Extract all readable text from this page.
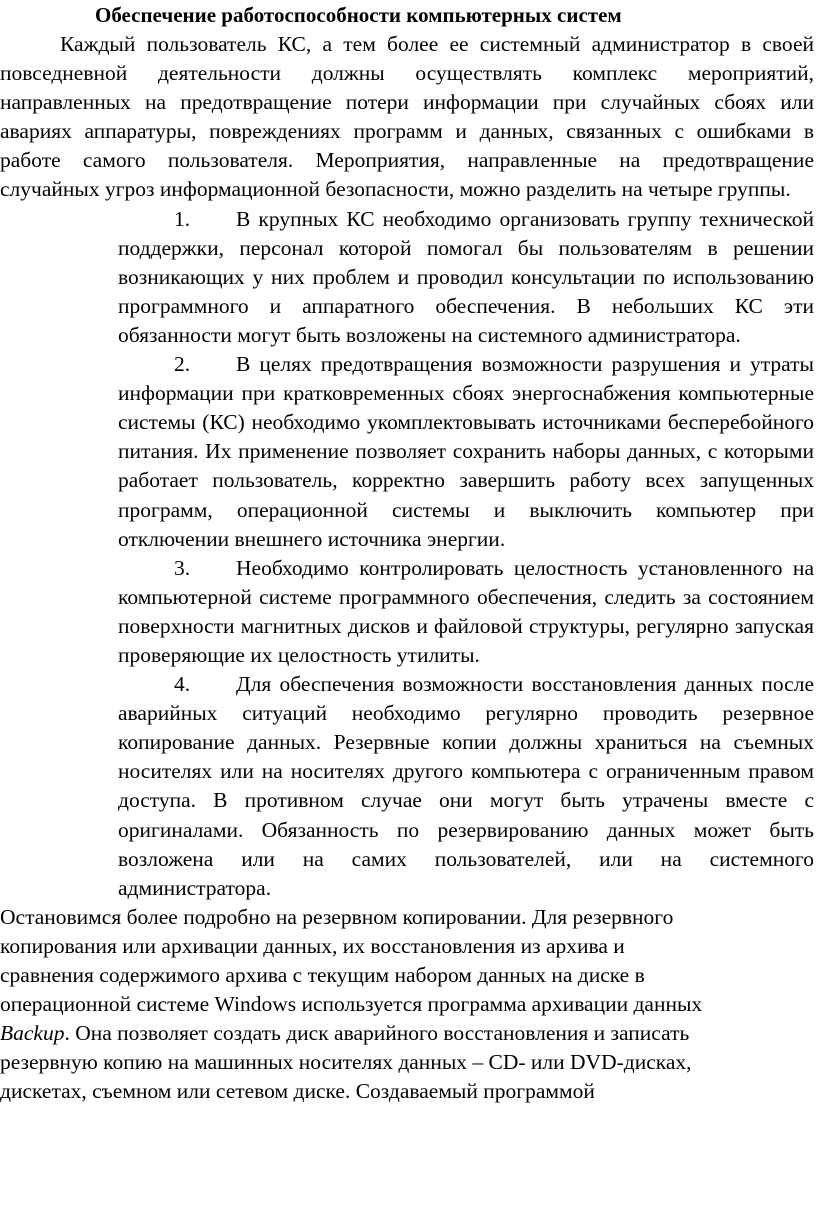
Обеспечение работоспособности компьютерных систем

Каждый пользователь КС, а тем более ее системный администратор в своей повседневной деятельности должны осуществлять комплекс мероприятий, направленных на предотвращение потери информации при случайных сбоях или авариях аппаратуры, повреждениях программ и данных, связанных с ошибками в работе самого пользователя. Мероприятия, направленные на предотвращение случайных угроз информационной безопасности, можно разделить на четыре группы.

1. В крупных КС необходимо организовать группу технической поддержки, персонал которой помогал бы пользователям в решении возникающих у них проблем и проводил консультации по использованию программного и аппаратного обеспечения. В небольших КС эти обязанности могут быть возложены на системного администратора.
2. В целях предотвращения возможности разрушения и утраты информации при кратковременных сбоях энергоснабжения компьютерные системы (КС) необходимо укомплектовывать источниками бесперебойного питания. Их применение позволяет сохранить наборы данных, с которыми работает пользователь, корректно завершить работу всех запущенных программ, операционной системы и выключить компьютер при отключении внешнего источника энергии.
3. Необходимо контролировать целостность установленного на компьютерной системе программного обеспечения, следить за состоянием поверхности магнитных дисков и файловой структуры, регулярно запуская проверяющие их целостность утилиты.
4. Для обеспечения возможности восстановления данных после аварийных ситуаций необходимо регулярно проводить резервное копирование данных. Резервные копии должны храниться на съемных носителях или на носителях другого компьютера с ограниченным правом доступа. В противном случае они могут быть утрачены вместе с оригиналами. Обязанность по резервированию данных может быть возложена или на самих пользователей, или на системного администратора.
Остановимся более подробно на резервном копировании. Для резервного
копирования или архивации данных, их восстановления из архива и
сравнения содержимого архива с текущим набором данных на диске в
операционной системе Windows используется программа архивации данных
Backup. Она позволяет создать диск аварийного восстановления и записать
резервную копию на машинных носителях данных – CD- или DVD-дисках,
дискетах, съемном или сетевом диске. Создаваемый программой
